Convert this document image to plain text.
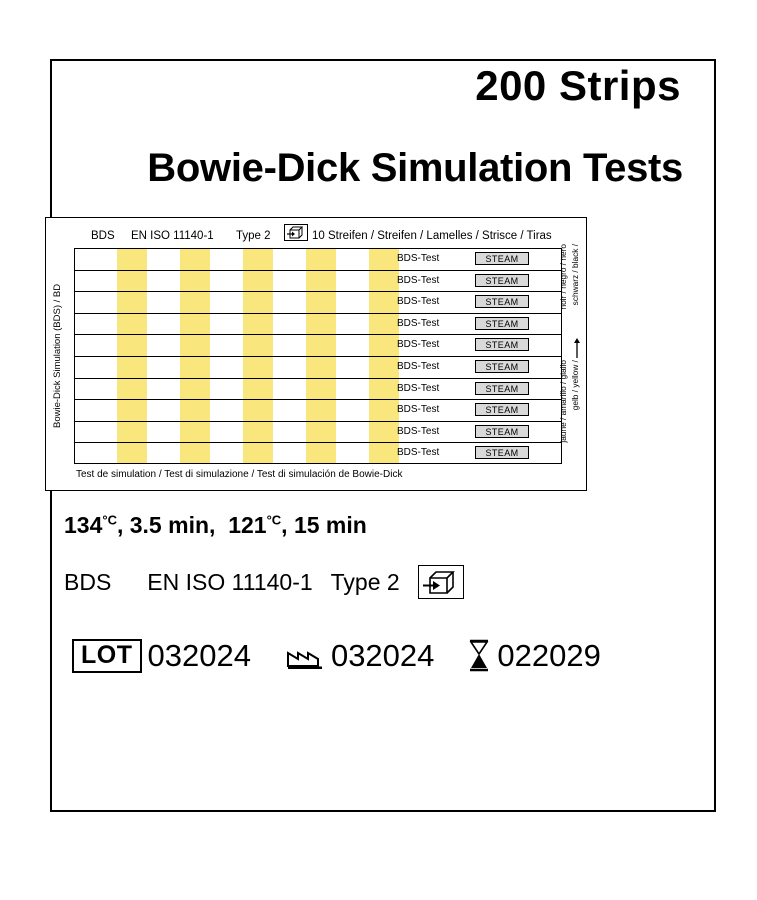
200 Strips
Bowie-Dick Simulation Tests
BDS EN ISO 11140-1 Type 2	10 Streifen / Streifen / Lamelles / Strisce / Tiras
Bowie-Dick Simulation (BDS) / BD
BDS-Test	STEAM
BDS-Test	STEAM
BDS-Test	STEAM
BDS-Test	STEAM
BDS-Test	STEAM
BDS-Test	STEAM
BDS-Test	STEAM
BDS-Test	STEAM
BDS-Test	STEAM
BDS-Test	STEAM
schwarz / black /
gelb / yellow /
noir / negro / nero
jaune / amarillo / giallo
Test de simulation / Test di simulazione / Test di simulación de Bowie-Dick
$134^{^\circ C}$, 3.5 min,  $121^{^\circ C}$, 15 min
BDS EN ISO 11140-1 Type 2
LOT 032024	032024 022029
